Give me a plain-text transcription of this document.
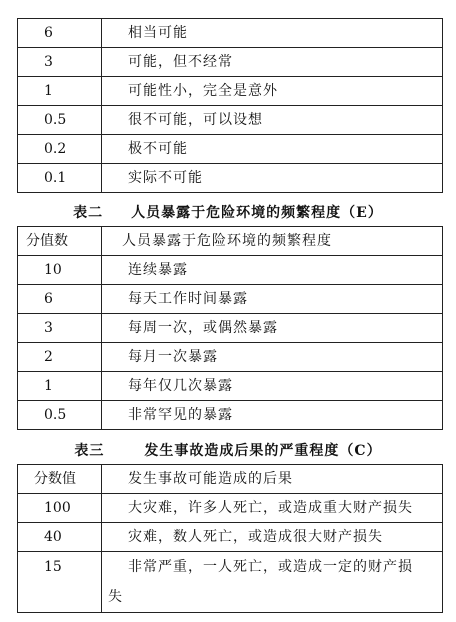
6	相当可能
3	可能，但不经常
1	可能性小，完全是意外
0.5	很不可能，可以设想
0.2	极不可能
0.1	实际不可能
表二 人员暴露于危险环境的频繁程度（E）
分值数	人员暴露于危险环境的频繁程度
10	连续暴露
6	每天工作时间暴露
3	每周一次，或偶然暴露
2	每月一次暴露
1	每年仅几次暴露
0.5	非常罕见的暴露
表三	发生事故造成后果的严重程度（C）
分数值	发生事故可能造成的后果
100	大灾难，许多人死亡，或造成重大财产损失
40	灾难，数人死亡，或造成很大财产损失
15	非常严重，一人死亡，或造成一定的财产损
失
